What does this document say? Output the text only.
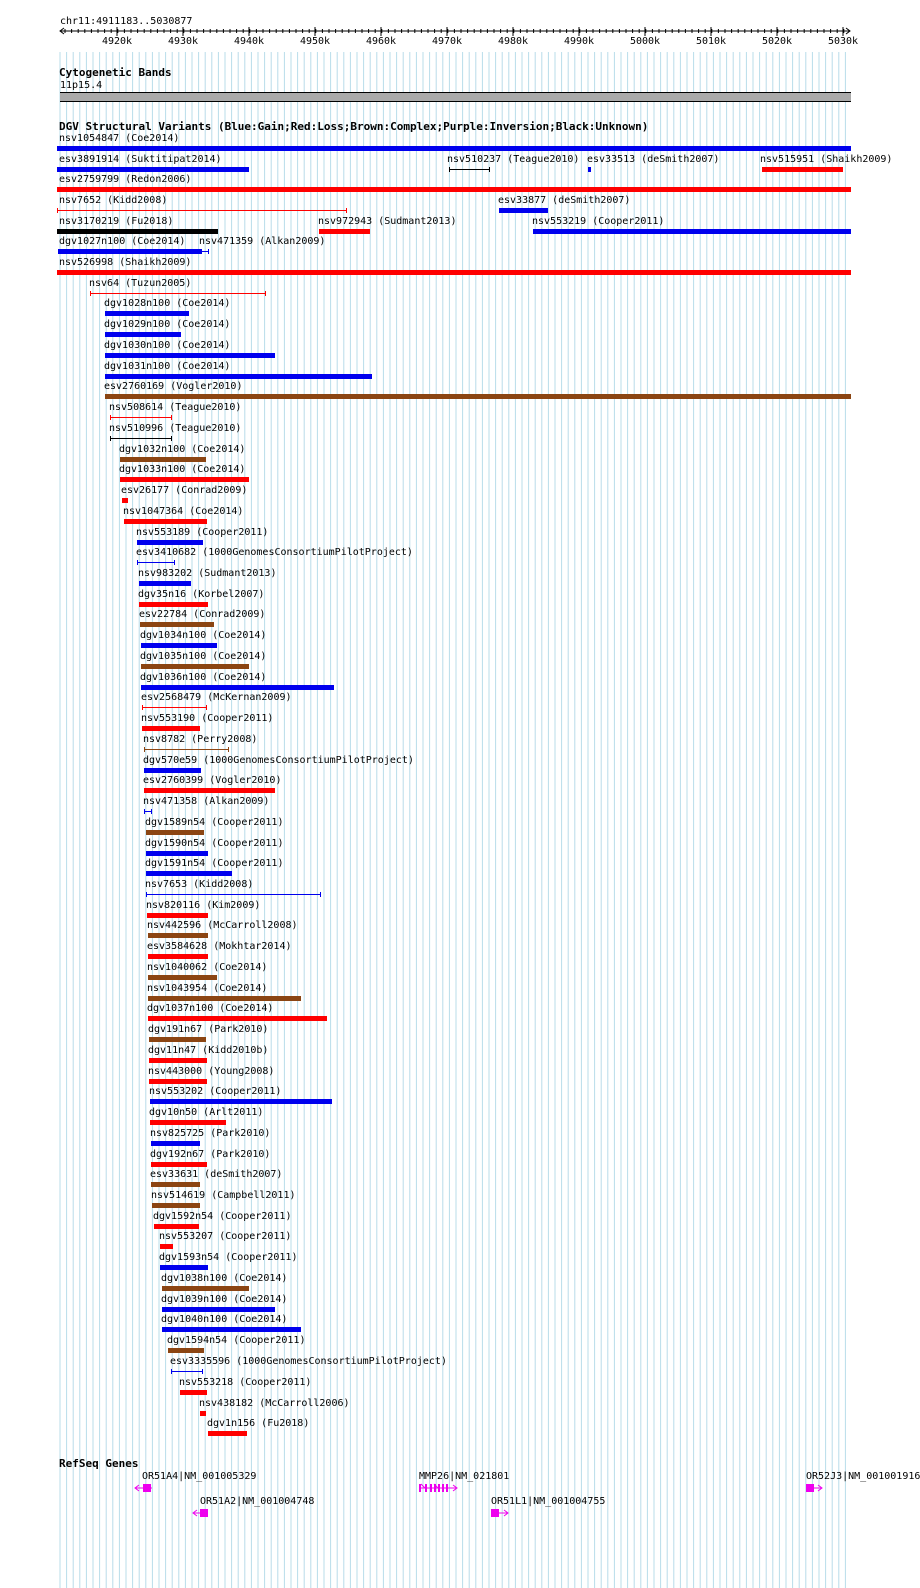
4920k	4930k	4940k	4950k	4960k	4970k	4980k	4990k	5000k	5010k	5020k	5030k
chr11:4911183..5030877
Cytogenetic Bands
11p15.4
DGV Structural Variants (Blue:Gain;Red:Loss;Brown:Complex;Purple:Inversion;Black:Unknown)
nsv1054847 (Coe2014)
esv3891914 (Suktitipat2014)	nsv510237 (Teague2010) esv33513 (deSmith2007)	nsv515951 (Shaikh2009)
esv2759799 (Redon2006)
nsv7652 (Kidd2008)	esv33877 (deSmith2007)
nsv3170219 (Fu2018)	nsv972943 (Sudmant2013)	nsv553219 (Cooper2011)
dgv1027n100 (Coe2014) nsv471359 (Alkan2009)
nsv526998 (Shaikh2009)
nsv64 (Tuzun2005)
dgv1028n100 (Coe2014)
dgv1029n100 (Coe2014)
dgv1030n100 (Coe2014)
dgv1031n100 (Coe2014)
esv2760169 (Vogler2010)
nsv508614 (Teague2010)
nsv510996 (Teague2010)
dgv1032n100 (Coe2014)
dgv1033n100 (Coe2014)
esv26177 (Conrad2009)
nsv1047364 (Coe2014)
nsv553189 (Cooper2011)
esv3410682 (1000GenomesConsortiumPilotProject)
nsv983202 (Sudmant2013)
dgv35n16 (Korbel2007)
esv22784 (Conrad2009)
dgv1034n100 (Coe2014)
dgv1035n100 (Coe2014)
dgv1036n100 (Coe2014)
esv2568479 (McKernan2009)
nsv553190 (Cooper2011)
nsv8782 (Perry2008)
dgv570e59 (1000GenomesConsortiumPilotProject)
esv2760399 (Vogler2010)
nsv471358 (Alkan2009)
dgv1589n54 (Cooper2011)
dgv1590n54 (Cooper2011)
dgv1591n54 (Cooper2011)
nsv7653 (Kidd2008)
nsv820116 (Kim2009)
nsv442596 (McCarroll2008)
esv3584628 (Mokhtar2014)
nsv1040062 (Coe2014)
nsv1043954 (Coe2014)
dgv1037n100 (Coe2014)
dgv191n67 (Park2010)
dgv11n47 (Kidd2010b)
nsv443000 (Young2008)
nsv553202 (Cooper2011)
dgv10n50 (Arlt2011)
nsv825725 (Park2010)
dgv192n67 (Park2010)
esv33631 (deSmith2007)
nsv514619 (Campbell2011)
dgv1592n54 (Cooper2011)
nsv553207 (Cooper2011)
dgv1593n54 (Cooper2011)
dgv1038n100 (Coe2014)
dgv1039n100 (Coe2014)
dgv1040n100 (Coe2014)
dgv1594n54 (Cooper2011)
esv3335596 (1000GenomesConsortiumPilotProject)
nsv553218 (Cooper2011)
nsv438182 (McCarroll2006)
dgv1n156 (Fu2018)
RefSeq Genes
OR51A4|NM_001005329
OR51A2|NM_001004748
MMP26|NM_021801
OR51L1|NM_001004755
OR52J3|NM_001001916
